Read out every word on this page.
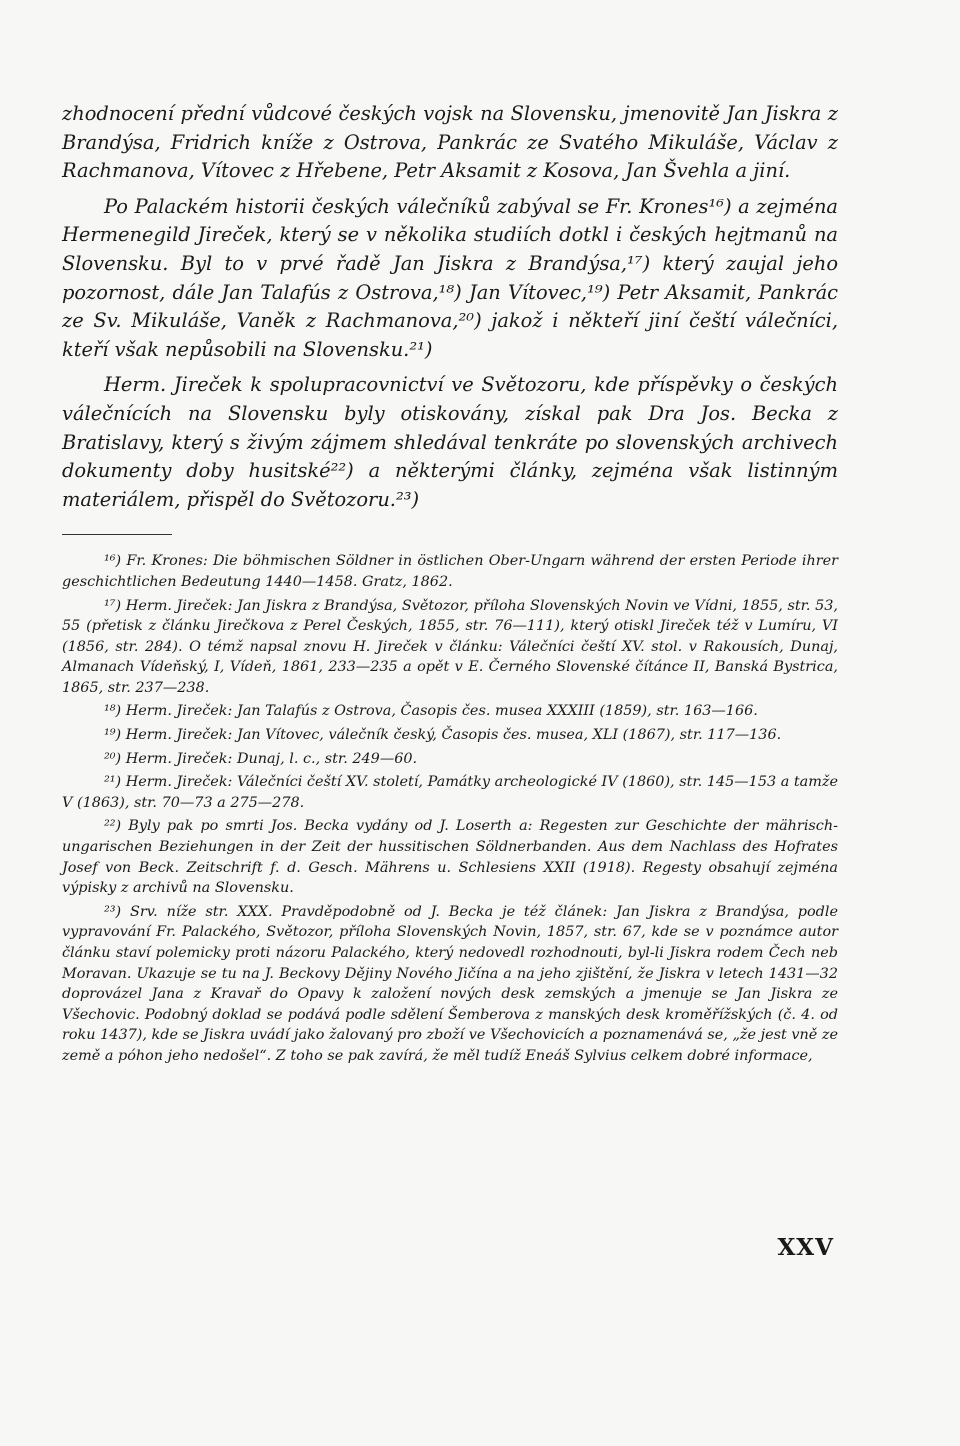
zhodnocení přední vůdcové českých vojsk na Slovensku, jmenovitě Jan Jiskra z Brandýsa, Fridrich kníže z Ostrova, Pankrác ze Svatého Mikuláše, Václav z Rachmanova, Vítovec z Hřebene, Petr Aksamit z Kosova, Jan Švehla a jiní.

Po Palackém historii českých válečníků zabýval se Fr. Krones¹⁶) a zejména Hermenegild Jireček, který se v několika studiích dotkl i českých hejtmanů na Slovensku. Byl to v prvé řadě Jan Jiskra z Brandýsa,¹⁷) který zaujal jeho pozornost, dále Jan Talafús z Ostrova,¹⁸) Jan Vítovec,¹⁹) Petr Aksamit, Pankrác ze Sv. Mikuláše, Vaněk z Rachmanova,²⁰) jakož i někteří jiní čeští válečníci, kteří však nepůsobili na Slovensku.²¹)

Herm. Jireček k spolupracovnictví ve Světozoru, kde příspěvky o českých válečnících na Slovensku byly otiskovány, získal pak Dra Jos. Becka z Bratislavy, který s živým zájmem shledával tenkráte po slovenských archivech dokumenty doby husitské²²) a některými články, zejména však listinným materiálem, přispěl do Světozoru.²³)

¹⁶) Fr. Krones: Die böhmischen Söldner in östlichen Ober-Ungarn während der ersten Periode ihrer geschichtlichen Bedeutung 1440—1458. Gratz, 1862.

¹⁷) Herm. Jireček: Jan Jiskra z Brandýsa, Světozor, příloha Slovenských Novin ve Vídni, 1855, str. 53, 55 (přetisk z článku Jirečkova z Perel Českých, 1855, str. 76—111), který otiskl Jireček též v Lumíru, VI (1856, str. 284). O témž napsal znovu H. Jireček v článku: Válečníci čeští XV. stol. v Rakousích, Dunaj, Almanach Vídeňský, I, Vídeň, 1861, 233—235 a opět v E. Černého Slovenské čítánce II, Banská Bystrica, 1865, str. 237—238.

¹⁸) Herm. Jireček: Jan Talafús z Ostrova, Časopis čes. musea XXXIII (1859), str. 163—166.

¹⁹) Herm. Jireček: Jan Vítovec, válečník český, Časopis čes. musea, XLI (1867), str. 117—136.

²⁰) Herm. Jireček: Dunaj, l. c., str. 249—60.

²¹) Herm. Jireček: Válečníci čeští XV. století, Památky archeologické IV (1860), str. 145—153 a tamže V (1863), str. 70—73 a 275—278.

²²) Byly pak po smrti Jos. Becka vydány od J. Loserth a: Regesten zur Geschichte der mährisch-ungarischen Beziehungen in der Zeit der hussitischen Söldnerbanden. Aus dem Nachlass des Hofrates Josef von Beck. Zeitschrift f. d. Gesch. Mährens u. Schlesiens XXII (1918). Regesty obsahují zejména výpisky z archivů na Slovensku.

²³) Srv. níže str. XXX. Pravděpodobně od J. Becka je též článek: Jan Jiskra z Brandýsa, podle vypravování Fr. Palackého, Světozor, příloha Slovenských Novin, 1857, str. 67, kde se v poznámce autor článku staví polemicky proti názoru Palackého, který nedovedl rozhodnouti, byl-li Jiskra rodem Čech neb Moravan. Ukazuje se tu na J. Beckovy Dějiny Nového Jičína a na jeho zjištění, že Jiskra v letech 1431—32 doprovázel Jana z Kravař do Opavy k založení nových desk zemských a jmenuje se Jan Jiskra ze Všechovic. Podobný doklad se podává podle sdělení Šemberova z manských desk kroměřížských (č. 4. od roku 1437), kde se Jiskra uvádí jako žalovaný pro zboží ve Všechovicích a poznamenává se, „že jest vně ze země a póhon jeho nedošel“. Z toho se pak zavírá, že měl tudíž Eneáš Sylvius celkem dobré informace,

XXV
